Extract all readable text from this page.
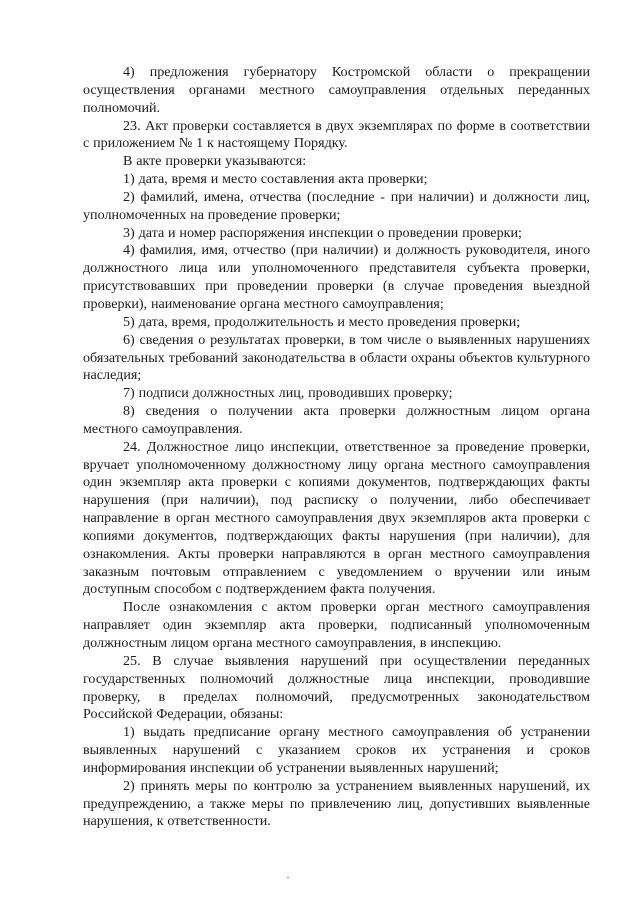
4) предложения губернатору Костромской области о прекращении осуществления органами местного самоуправления отдельных переданных полномочий.

23. Акт проверки составляется в двух экземплярах по форме в соответствии с приложением № 1 к настоящему Порядку.

В акте проверки указываются:

1) дата, время и место составления акта проверки;

2) фамилий, имена, отчества (последние - при наличии) и должности лиц, уполномоченных на проведение проверки;

3) дата и номер распоряжения инспекции о проведении проверки;

4) фамилия, имя, отчество (при наличии) и должность руководителя, иного должностного лица или уполномоченного представителя субъекта проверки, присутствовавших при проведении проверки (в случае проведения выездной проверки), наименование органа местного самоуправления;

5) дата, время, продолжительность и место проведения проверки;

6) сведения о результатах проверки, в том числе о выявленных нарушениях обязательных требований законодательства в области охраны объектов культурного наследия;

7) подписи должностных лиц, проводивших проверку;

8) сведения о получении акта проверки должностным лицом органа местного самоуправления.

24. Должностное лицо инспекции, ответственное за проведение проверки, вручает уполномоченному должностному лицу органа местного самоуправления один экземпляр акта проверки с копиями документов, подтверждающих факты нарушения (при наличии), под расписку о получении, либо обеспечивает направление в орган местного самоуправления двух экземпляров акта проверки с копиями документов, подтверждающих факты нарушения (при наличии), для ознакомления. Акты проверки направляются в орган местного самоуправления заказным почтовым отправлением с уведомлением о вручении или иным доступным способом с подтверждением факта получения.

После ознакомления с актом проверки орган местного самоуправления направляет один экземпляр акта проверки, подписанный уполномоченным должностным лицом органа местного самоуправления, в инспекцию.

25. В случае выявления нарушений при осуществлении переданных государственных полномочий должностные лица инспекции, проводившие проверку, в пределах полномочий, предусмотренных законодательством Российской Федерации, обязаны:

1) выдать предписание органу местного самоуправления об устранении выявленных нарушений с указанием сроков их устранения и сроков информирования инспекции об устранении выявленных нарушений;

2) принять меры по контролю за устранением выявленных нарушений, их предупреждению, а также меры по привлечению лиц, допустивших выявленные нарушения, к ответственности.
